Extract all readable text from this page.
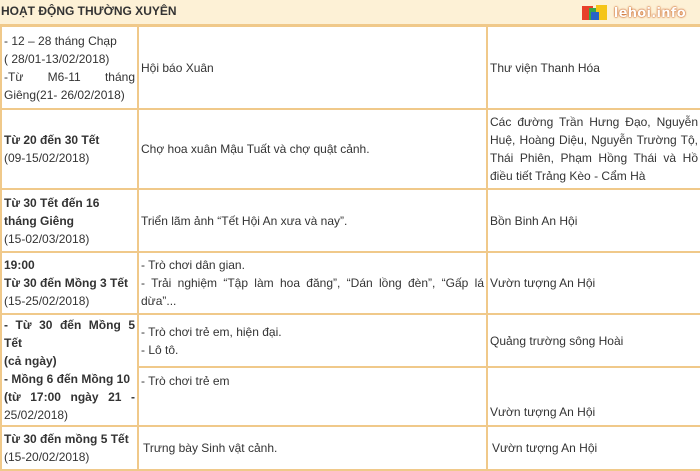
HOẠT ĐỘNG THƯỜNG XUYÊN	lehoi.info
- 12 – 28 tháng Chạp
( 28/01-13/02/2018)
-Từ M6-11 tháng
Giêng(21- 26/02/2018)	Hội báo Xuân	Thư viện Thanh Hóa

Từ 20 đến 30 Tết
(09-15/02/2018)	Chợ hoa xuân Mậu Tuất và chợ quật cảnh.	Các đường Trần Hưng Đạo, Nguyễn Huệ, Hoàng Diệu, Nguyễn Trường Tộ, Thái Phiên, Phạm Hồng Thái và Hồ điều tiết Trảng Kèo - Cẩm Hà

Từ 30 Tết đến 16 tháng Giêng
(15-02/03/2018)	Triển lãm ảnh “Tết Hội An xưa và nay”.	Bồn Binh An Hội

19:00
Từ 30 đến Mồng 3 Tết
(15-25/02/2018)	- Trò chơi dân gian.
- Trải nghiệm “Tập làm hoa đăng”, “Dán lồng đèn”, “Gấp lá dừa”...	Vườn tượng An Hội

- Từ 30 đến Mồng 5 Tết
(cả ngày)
- Mồng 6 đến Mồng 10
(từ 17:00 ngày 21 -
25/02/2018)	- Trò chơi trẻ em, hiện đại.
- Lô tô.	Quảng trường sông Hoài

	- Trò chơi trẻ em	Vườn tượng An Hội

Từ 30 đến mồng 5 Tết
(15-20/02/2018)	Trưng bày Sinh vật cảnh.	Vườn tượng An Hội
